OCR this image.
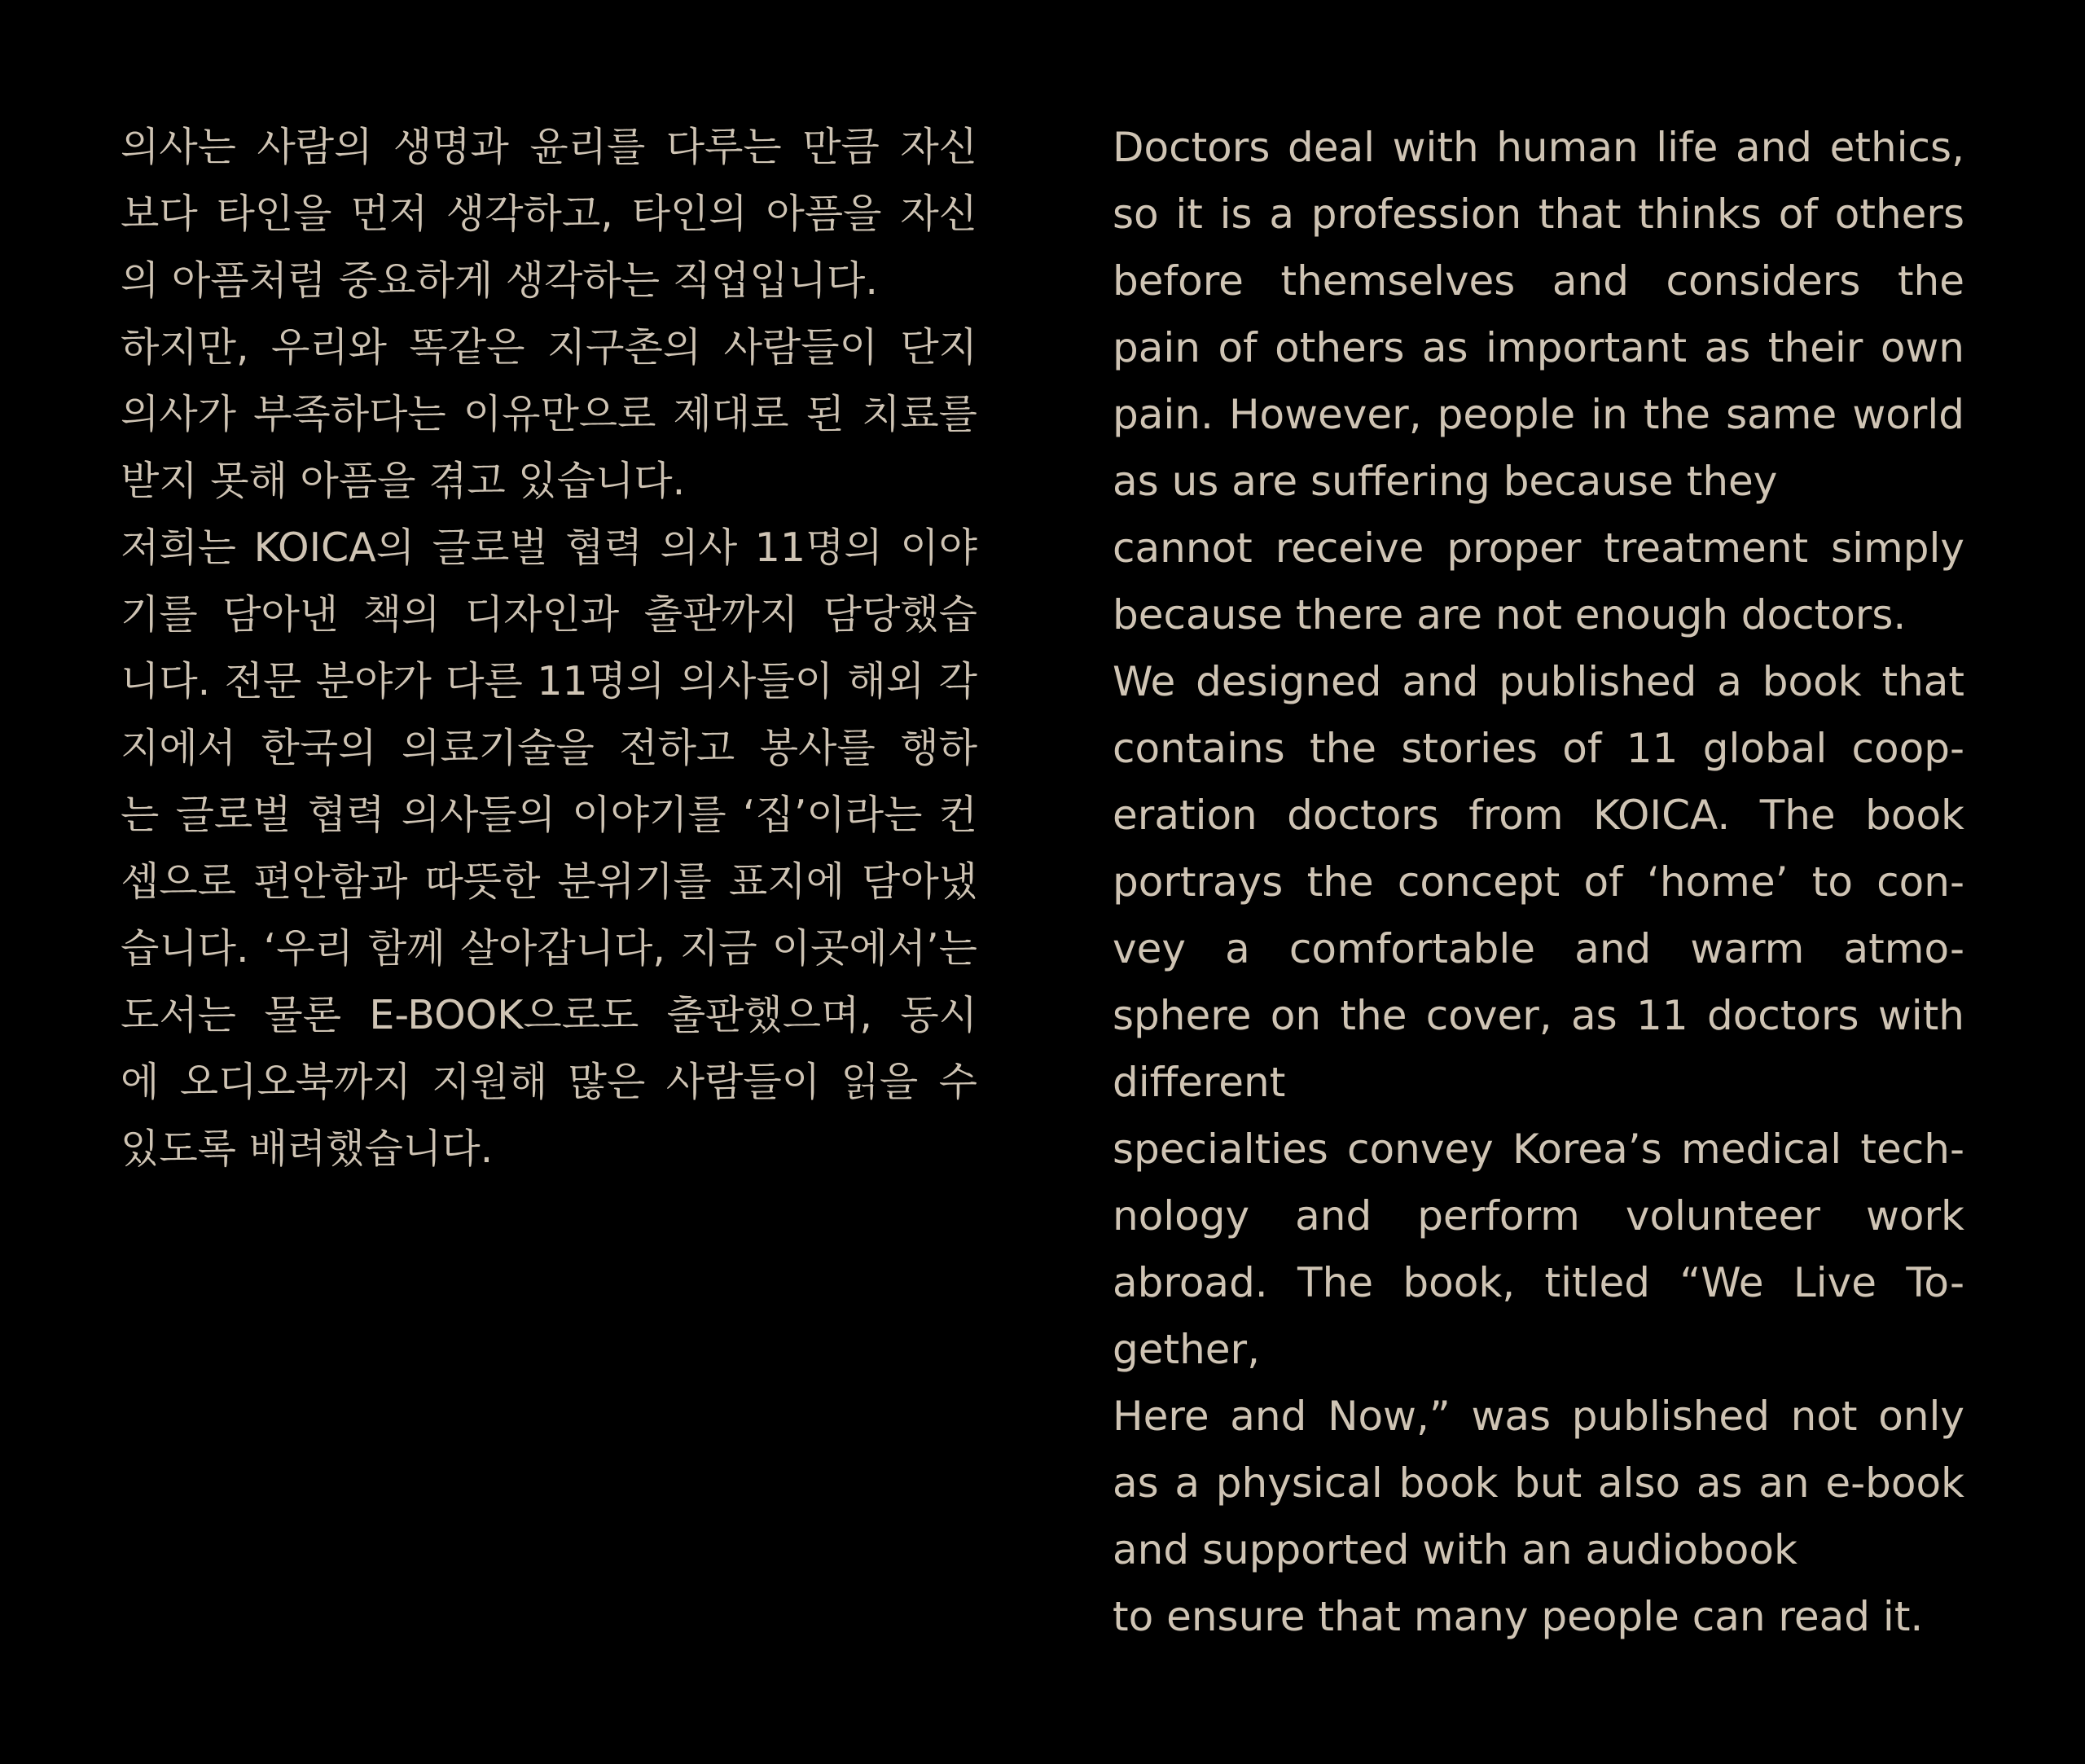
의사는 사람의 생명과 윤리를 다루는 만큼 자신
보다 타인을 먼저 생각하고, 타인의 아픔을 자신
의 아픔처럼 중요하게 생각하는 직업입니다.
하지만, 우리와 똑같은 지구촌의 사람들이 단지
의사가 부족하다는 이유만으로 제대로 된 치료를
받지 못해 아픔을 겪고 있습니다.
저희는 KOICA의 글로벌 협력 의사 11명의 이야
기를 담아낸 책의 디자인과 출판까지 담당했습
니다. 전문 분야가 다른 11명의 의사들이 해외 각
지에서 한국의 의료기술을 전하고 봉사를 행하
는 글로벌 협력 의사들의 이야기를 ‘집’이라는 컨
셉으로 편안함과 따뜻한 분위기를 표지에 담아냈
습니다. ‘우리 함께 살아갑니다, 지금 이곳에서’는
도서는 물론 E-BOOK으로도 출판했으며, 동시
에 오디오북까지 지원해 많은 사람들이 읽을 수
있도록 배려했습니다.
Doctors deal with human life and ethics,
so it is a profession that thinks of others
before themselves and considers the
pain of others as important as their own
pain. However, people in the same world
as us are suffering because they
cannot receive proper treatment simply
because there are not enough doctors.
We designed and published a book that
contains the stories of 11 global coop-
eration doctors from KOICA. The book
portrays the concept of ‘home’ to con-
vey a comfortable and warm atmo-
sphere on the cover, as 11 doctors with
different
specialties convey Korea’s medical tech-
nology and perform volunteer work
abroad. The book, titled “We Live To-
gether,
Here and Now,” was published not only
as a physical book but also as an e-book
and supported with an audiobook
to ensure that many people can read it.
